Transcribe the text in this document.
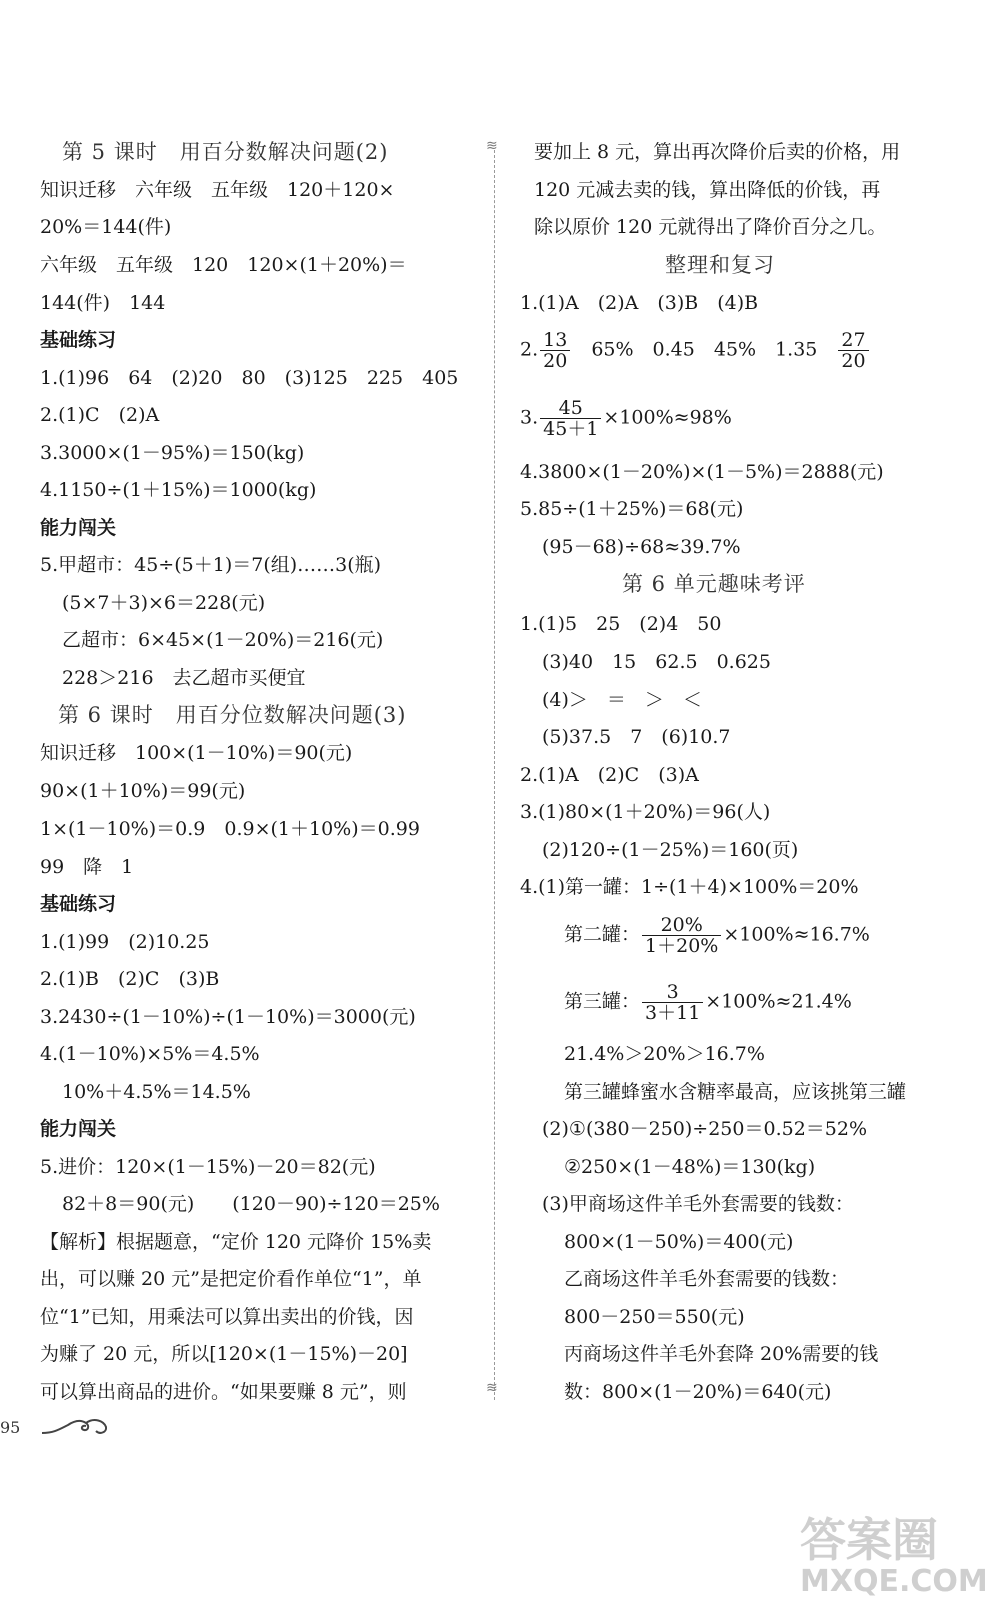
第 5 课时　用百分数解决问题(2)
知识迁移　六年级　五年级　120＋120×
20%＝144(件)
六年级　五年级　120　120×(1＋20%)＝
144(件)　144
基础练习
1.(1)96　64　(2)20　80　(3)125　225　405
2.(1)C　(2)A
3.3000×(1－95%)＝150(kg)
4.1150÷(1＋15%)＝1000(kg)
能力闯关
5.甲超市：45÷(5＋1)＝7(组)……3(瓶)
(5×7＋3)×6＝228(元)
乙超市：6×45×(1－20%)＝216(元)
228＞216　去乙超市买便宜
第 6 课时　用百分位数解决问题(3)
知识迁移　100×(1－10%)＝90(元)
90×(1＋10%)＝99(元)
1×(1－10%)＝0.9　0.9×(1＋10%)＝0.99
99　降　1
基础练习
1.(1)99　(2)10.25
2.(1)B　(2)C　(3)B
3.2430÷(1－10%)÷(1－10%)＝3000(元)
4.(1－10%)×5%＝4.5%
10%＋4.5%＝14.5%
能力闯关
5.进价：120×(1－15%)－20＝82(元)
82＋8＝90(元)　　(120－90)÷120＝25%
【解析】根据题意，“定价 120 元降价 15%卖
出，可以赚 20 元”是把定价看作单位“1”，单
位“1”已知，用乘法可以算出卖出的价钱，因
为赚了 20 元，所以[120×(1－15%)－20]
可以算出商品的进价。“如果要赚 8 元”，则
≋
≋
要加上 8 元，算出再次降价后卖的价格，用
120 元减去卖的钱，算出降低的价钱，再
除以原价 120 元就得出了降价百分之几。
整理和复习
1.(1)A　(2)A　(3)B　(4)B
2. $\frac{13}{20}$ 　65%　0.45　45%　1.35　 $\frac{27}{20}$
3. $\frac{45}{45+1} \times 100\%\approx 98\%$
4.3800×(1－20%)×(1－5%)＝2888(元)
5.85÷(1＋25%)＝68(元)
(95－68)÷68≈39.7%
第 6 单元趣味考评
1.(1)5　25　(2)4　50
(3)40　15　62.5　0.625
(4)＞　＝　＞　＜
(5)37.5　7　(6)10.7
2.(1)A　(2)C　(3)A
3.(1)80×(1＋20%)＝96(人)
(2)120÷(1－25%)＝160(页)
4.(1)第一罐：1÷(1＋4)×100%＝20%
第二罐： $\frac{20\%}{1+20\%} \times 100\%\approx 16.7\%$
第三罐： $\frac{3}{3+11} \times 100\%\approx 21.4\%$
21.4%＞20%＞16.7%
第三罐蜂蜜水含糖率最高，应该挑第三罐
(2)①(380－250)÷250＝0.52＝52%
②250×(1－48%)＝130(kg)
(3)甲商场这件羊毛外套需要的钱数：
800×(1－50%)＝400(元)
乙商场这件羊毛外套需要的钱数：
800－250＝550(元)
丙商场这件羊毛外套降 20%需要的钱
数：800×(1－20%)＝640(元)
95
答案圈
MXQE.COM
